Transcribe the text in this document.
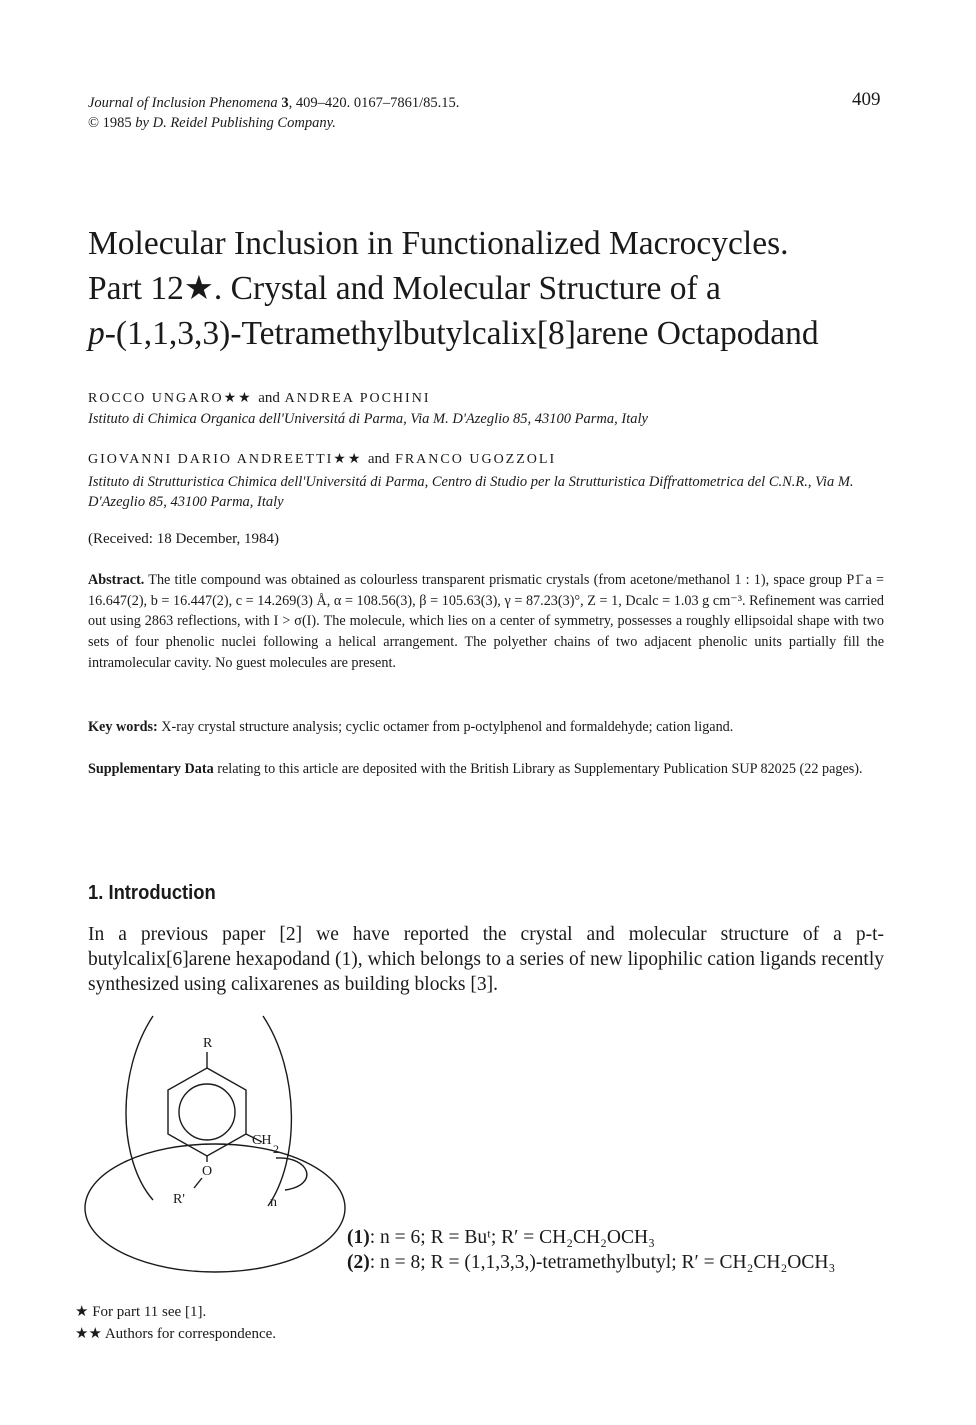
Journal of Inclusion Phenomena 3, 409–420. 0167–7861/85.15.
© 1985 by D. Reidel Publishing Company.
409
Molecular Inclusion in Functionalized Macrocycles.
Part 12★. Crystal and Molecular Structure of a
p-(1,1,3,3)-Tetramethylbutylcalix[8]arene Octapodand
ROCCO UNGARO★★ and ANDREA POCHINI
Istituto di Chimica Organica dell'Universitá di Parma, Via M. D'Azeglio 85, 43100 Parma, Italy
GIOVANNI DARIO ANDREETTI★★ and FRANCO UGOZZOLI
Istituto di Strutturistica Chimica dell'Universitá di Parma, Centro di Studio per la Strutturistica Diffrattometrica del C.N.R., Via M. D'Azeglio 85, 43100 Parma, Italy
(Received: 18 December, 1984)
Abstract. The title compound was obtained as colourless transparent prismatic crystals (from acetone/methanol 1 : 1), space group P1̄ a = 16.647(2), b = 16.447(2), c = 14.269(3) Å, α = 108.56(3), β = 105.63(3), γ = 87.23(3)°, Z = 1, Dcalc = 1.03 g cm⁻³. Refinement was carried out using 2863 reflections, with I > σ(I). The molecule, which lies on a center of symmetry, possesses a roughly ellipsoidal shape with two sets of four phenolic nuclei following a helical arrangement. The polyether chains of two adjacent phenolic units partially fill the intramolecular cavity. No guest molecules are present.
Key words: X-ray crystal structure analysis; cyclic octamer from p-octylphenol and formaldehyde; cation ligand.
Supplementary Data relating to this article are deposited with the British Library as Supplementary Publication SUP 82025 (22 pages).
1. Introduction
In a previous paper [2] we have reported the crystal and molecular structure of a p-t-butylcalix[6]arene hexapodand (1), which belongs to a series of new lipophilic cation ligands recently synthesized using calixarenes as building blocks [3].
R
CH
2
O
R'	n
(1): n = 6; R = Buᵗ; R′ = CH₂CH₂OCH₃
(2): n = 8; R = (1,1,3,3,)-tetramethylbutyl; R′ = CH₂CH₂OCH₃
★ For part 11 see [1].
★★ Authors for correspondence.
